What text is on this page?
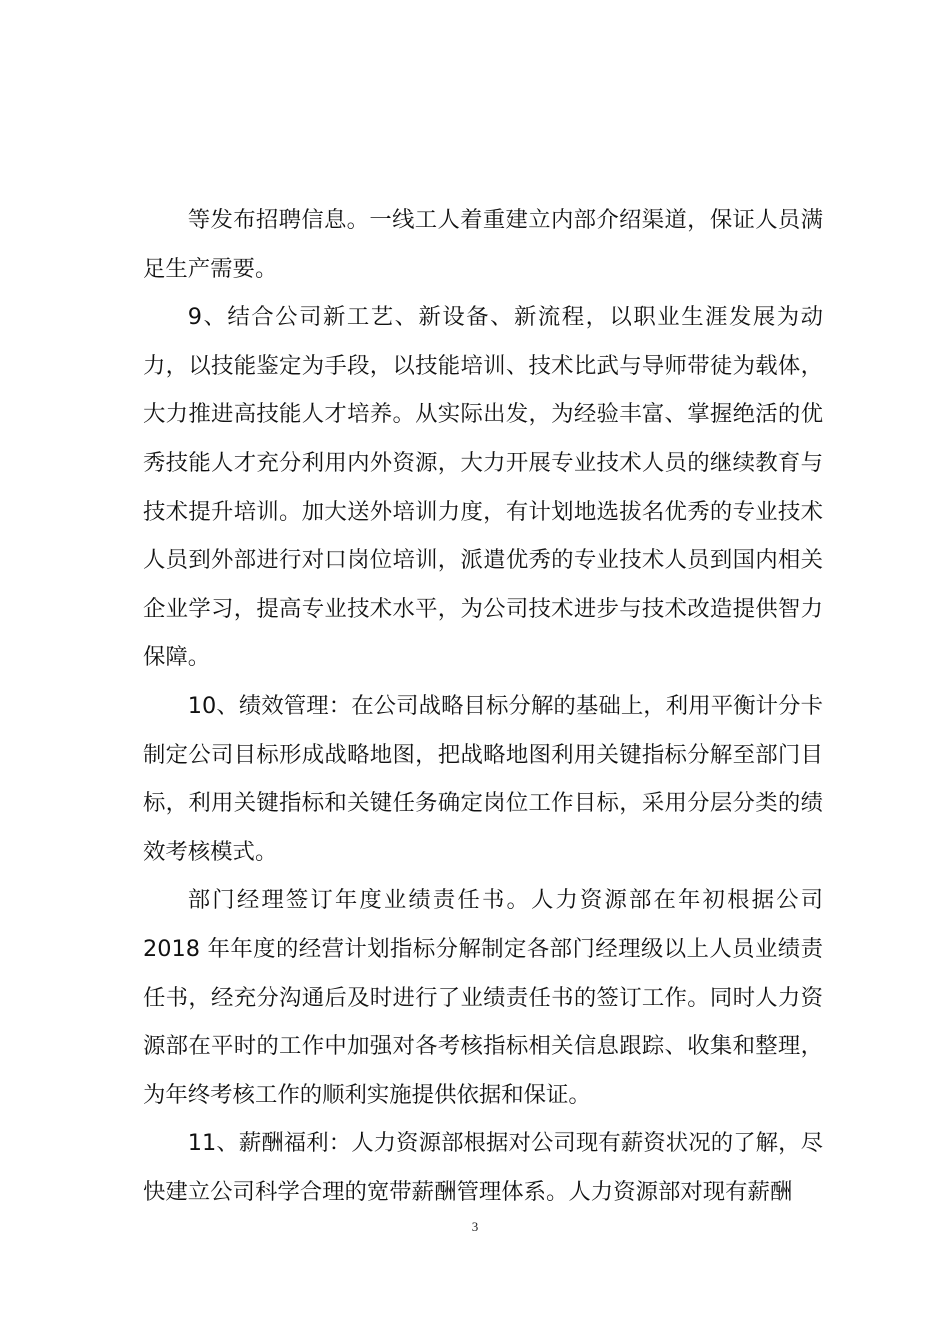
等发布招聘信息。一线工人着重建立内部介绍渠道，保证人员满足生产需要。

9、结合公司新工艺、新设备、新流程，以职业生涯发展为动力，以技能鉴定为手段，以技能培训、技术比武与导师带徒为载体，大力推进高技能人才培养。从实际出发，为经验丰富、掌握绝活的优秀技能人才充分利用内外资源，大力开展专业技术人员的继续教育与技术提升培训。加大送外培训力度，有计划地选拔名优秀的专业技术人员到外部进行对口岗位培训，派遣优秀的专业技术人员到国内相关企业学习，提高专业技术水平，为公司技术进步与技术改造提供智力保障。

10、绩效管理：在公司战略目标分解的基础上，利用平衡计分卡制定公司目标形成战略地图，把战略地图利用关键指标分解至部门目标，利用关键指标和关键任务确定岗位工作目标，采用分层分类的绩效考核模式。

部门经理签订年度业绩责任书。人力资源部在年初根据公司2018 年年度的经营计划指标分解制定各部门经理级以上人员业绩责任书，经充分沟通后及时进行了业绩责任书的签订工作。同时人力资源部在平时的工作中加强对各考核指标相关信息跟踪、收集和整理，为年终考核工作的顺利实施提供依据和保证。

11、薪酬福利：人力资源部根据对公司现有薪资状况的了解，尽快建立公司科学合理的宽带薪酬管理体系。人力资源部对现有薪酬

3
